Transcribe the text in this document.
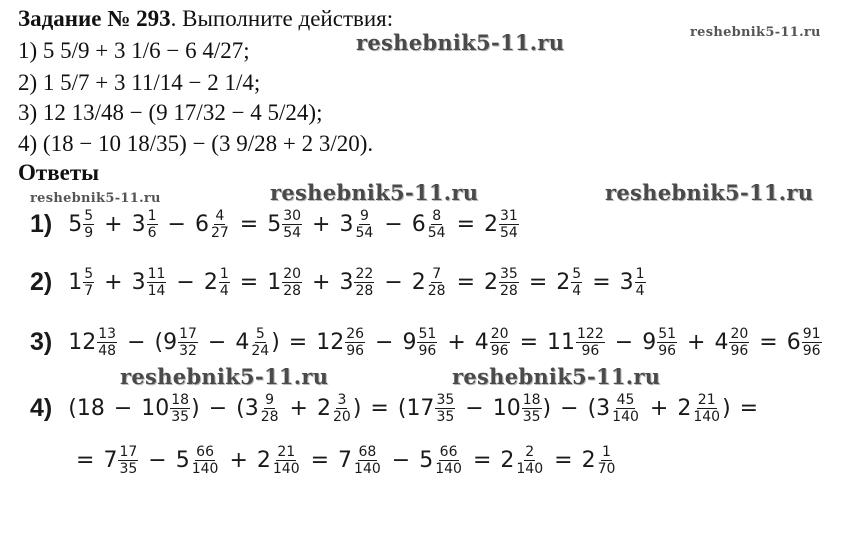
Задание № 293. Выполните действия:
1) 5 5/9 + 3 1/6 − 6 4/27;
2) 1 5/7 + 3 11/14 − 2 1/4;
3) 12 13/48 − (9 17/32 − 4 5/24);
4) (18 − 10 18/35) − (3 9/28 + 2 3/20).
Ответы
reshebnik5-11.ru	reshebnik5-11.ru
reshebnik5-11.ru	reshebnik5-11.ru	reshebnik5-11.ru
reshebnik5-11.ru	reshebnik5-11.ru
1) $5 \frac{5}{9} + 3 \frac{1}{6} - 6 \frac{4}{27} = 5 \frac{30}{54} + 3 \frac{9}{54} - 6 \frac{8}{54} = 2 \frac{31}{54}$
2) $1 \frac{5}{7} + 3 \frac{11}{14} - 2 \frac{1}{4} = 1 \frac{20}{28} + 3 \frac{22}{28} - 2 \frac{7}{28} = 2 \frac{35}{28} = 2 \frac{5}{4} = 3 \frac{1}{4}$
3) $12 \frac{13}{48}$ − ( $9 \frac{17}{32} - 4 \frac{5}{24}$ ) = $12 \frac{26}{96} - 9 \frac{51}{96} + 4 \frac{20}{96} = 11 \frac{122}{96} - 9 \frac{51}{96} + 4 \frac{20}{96} = 6 \frac{91}{96}$
4) ( $18 - 10 \frac{18}{35}$ ) − ( $3 \frac{9}{28} + 2 \frac{3}{20}$ ) = ( $17 \frac{35}{35} - 10 \frac{18}{35}$ ) − ( $3 \frac{45}{140} + 2 \frac{21}{140}$ ) =
= $7 \frac{17}{35} - 5 \frac{66}{140} + 2 \frac{21}{140} = 7 \frac{68}{140} - 5 \frac{66}{140} = 2 \frac{2}{140} = 2 \frac{1}{70}$
